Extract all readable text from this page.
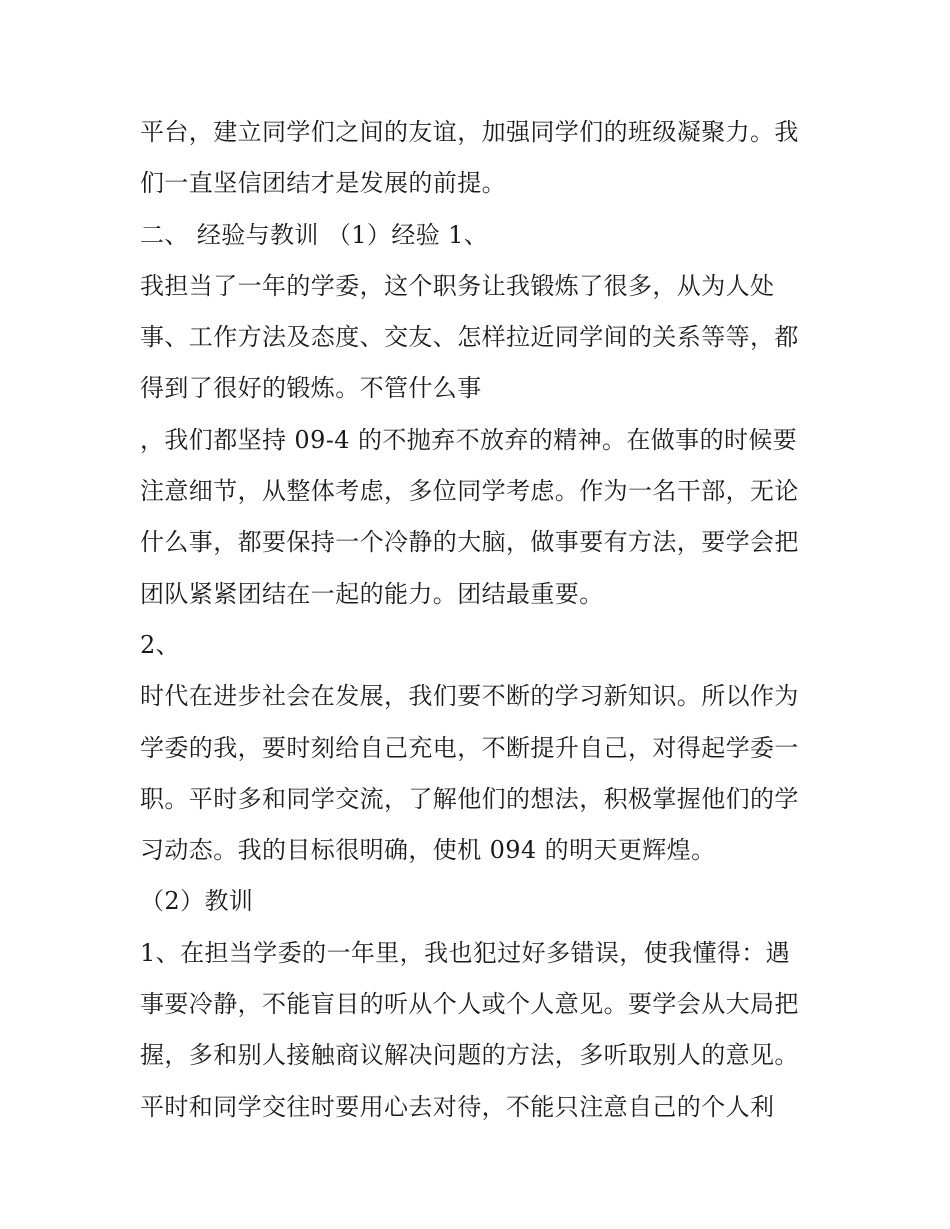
平台，建立同学们之间的友谊，加强同学们的班级凝聚力。我
们一直坚信团结才是发展的前提。
二、 经验与教训 （1）经验 1、
我担当了一年的学委，这个职务让我锻炼了很多，从为人处
事、工作方法及态度、交友、怎样拉近同学间的关系等等，都
得到了很好的锻炼。不管什么事
，我们都坚持 09-4 的不抛弃不放弃的精神。在做事的时候要
注意细节，从整体考虑，多位同学考虑。作为一名干部，无论
什么事，都要保持一个冷静的大脑，做事要有方法，要学会把
团队紧紧团结在一起的能力。团结最重要。
2、
时代在进步社会在发展，我们要不断的学习新知识。所以作为
学委的我，要时刻给自己充电，不断提升自己，对得起学委一
职。平时多和同学交流，了解他们的想法，积极掌握他们的学
习动态。我的目标很明确，使机 094 的明天更辉煌。
（2）教训
1、在担当学委的一年里，我也犯过好多错误，使我懂得：遇
事要冷静，不能盲目的听从个人或个人意见。要学会从大局把
握，多和别人接触商议解决问题的方法，多听取别人的意见。
平时和同学交往时要用心去对待，不能只注意自己的个人利
